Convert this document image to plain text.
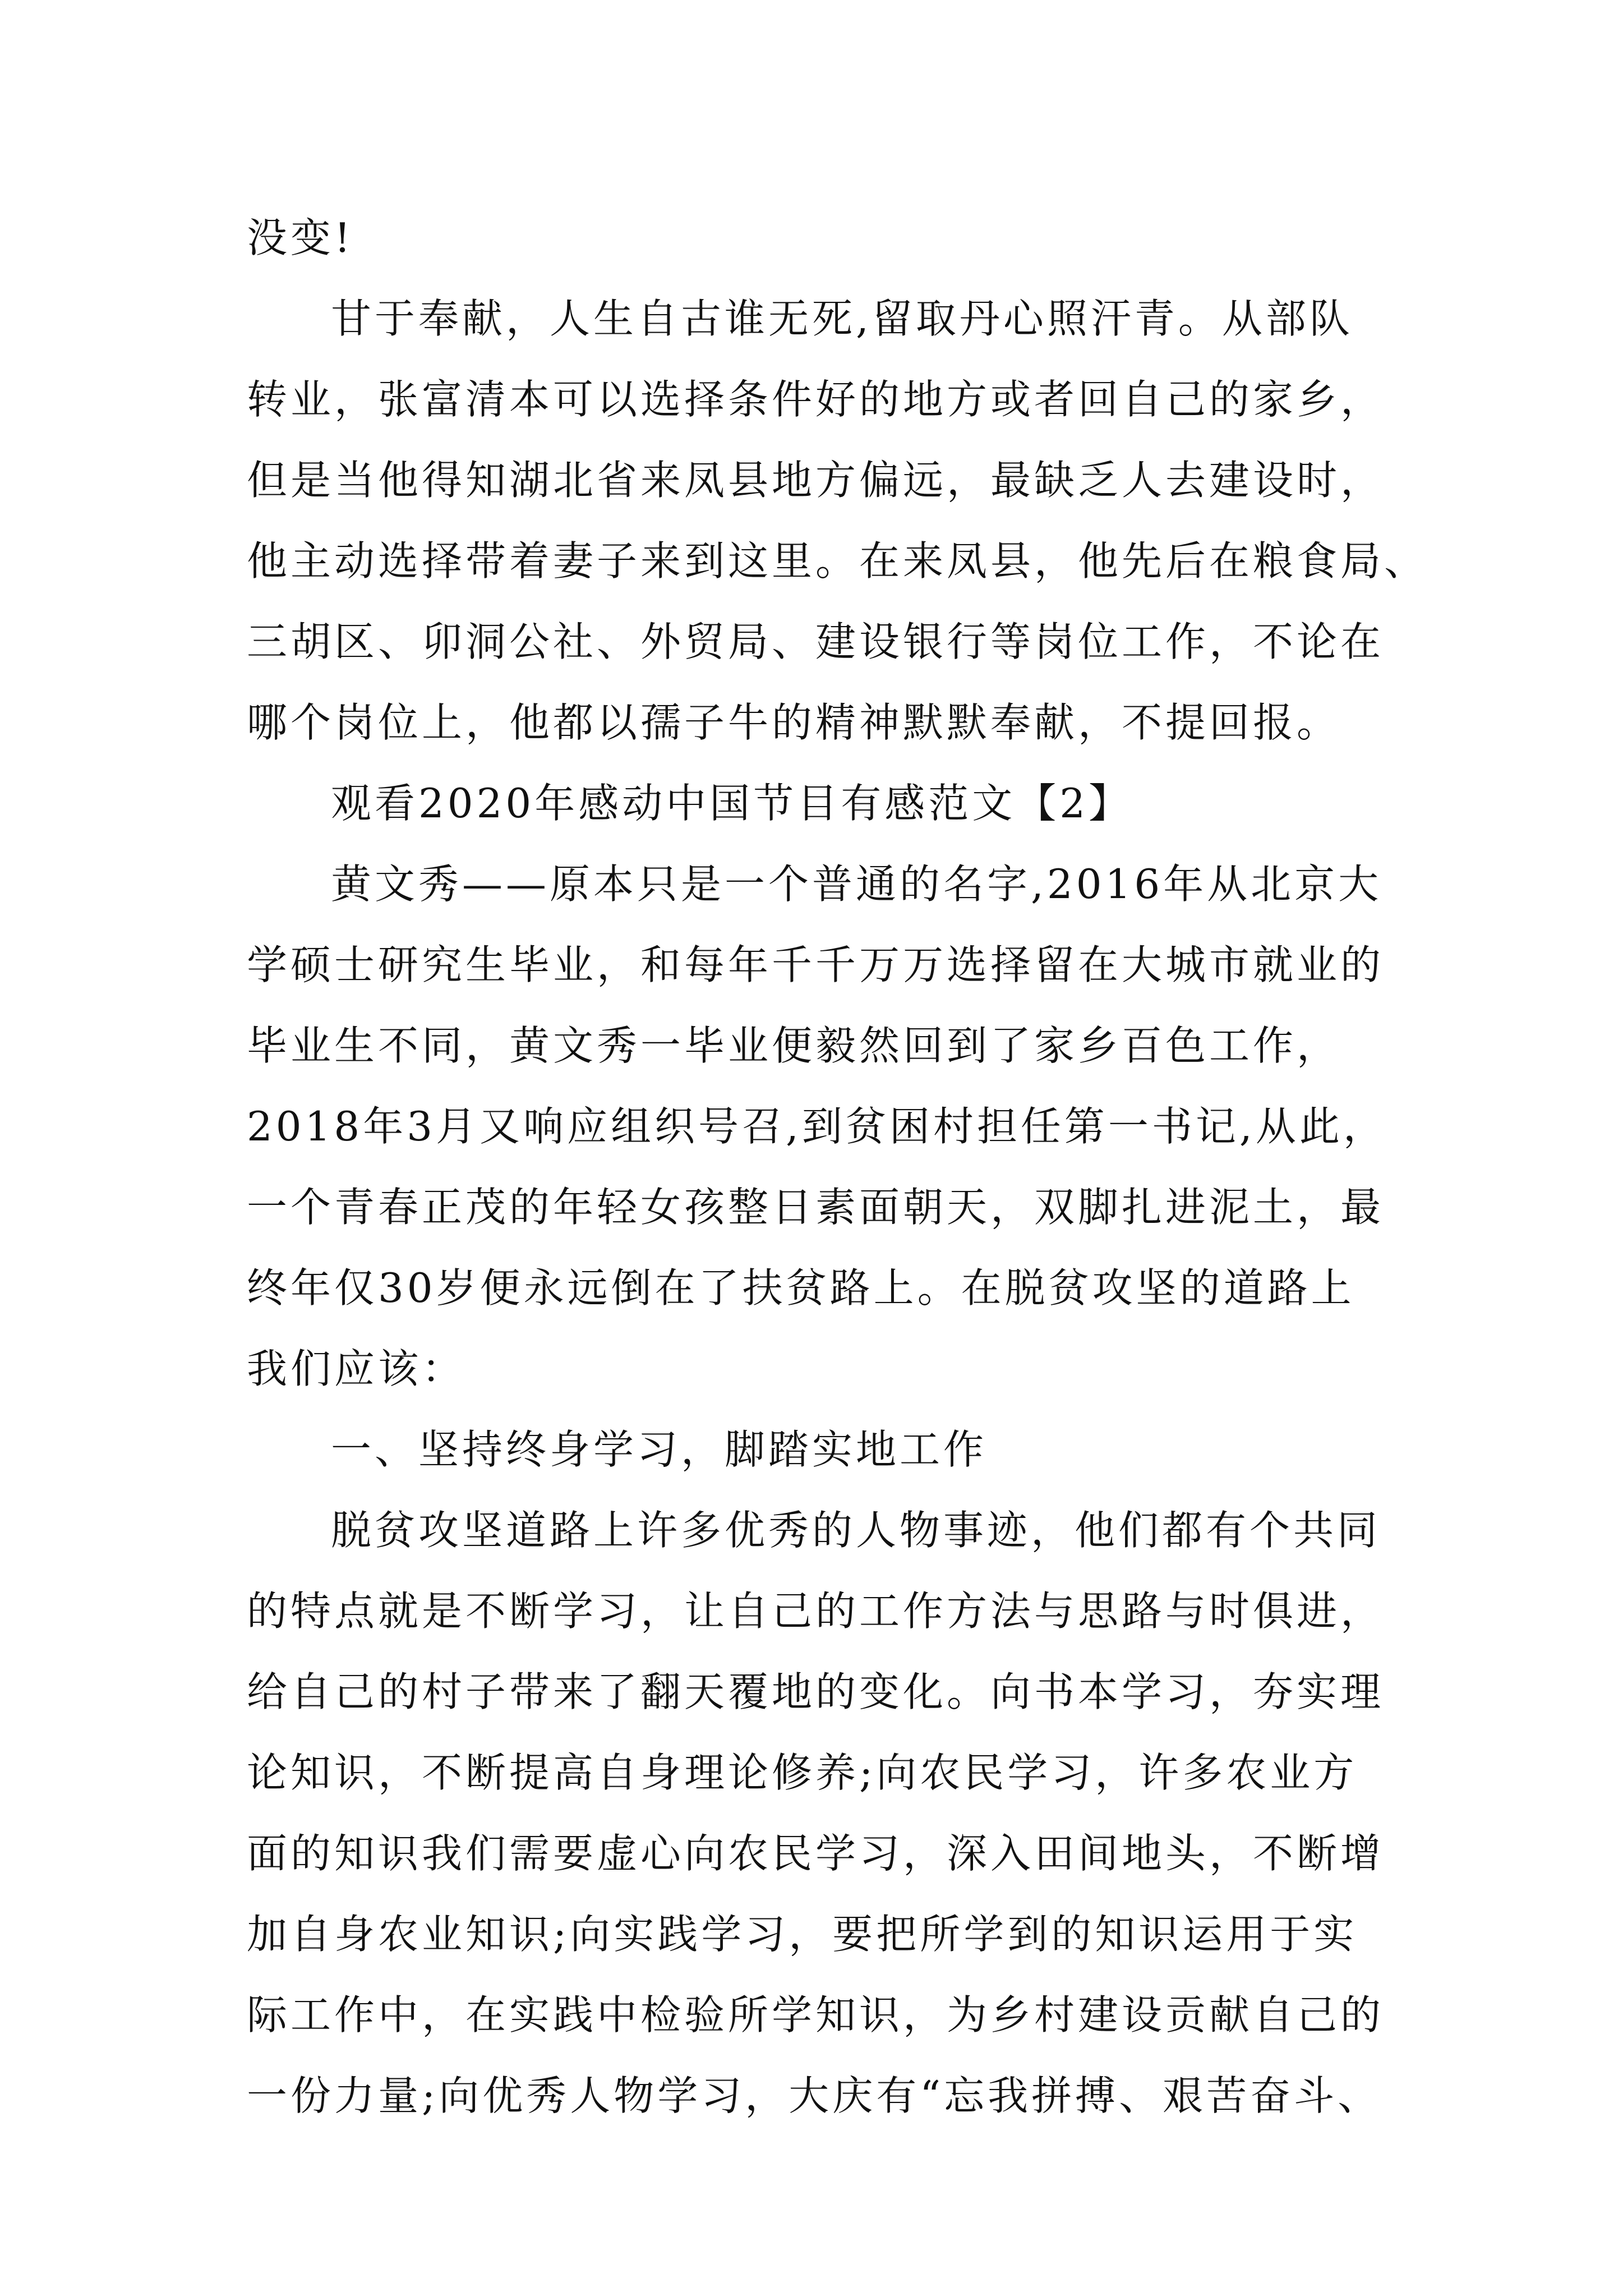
没变!
甘于奉献，人生自古谁无死,留取丹心照汗青。从部队
转业，张富清本可以选择条件好的地方或者回自己的家乡，
但是当他得知湖北省来凤县地方偏远，最缺乏人去建设时，
他主动选择带着妻子来到这里。在来凤县，他先后在粮食局、
三胡区、卯洞公社、外贸局、建设银行等岗位工作，不论在
哪个岗位上，他都以孺子牛的精神默默奉献，不提回报。
观看2020年感动中国节目有感范文【2】
黄文秀——原本只是一个普通的名字,2016年从北京大
学硕士研究生毕业，和每年千千万万选择留在大城市就业的
毕业生不同，黄文秀一毕业便毅然回到了家乡百色工作，
2018年3月又响应组织号召,到贫困村担任第一书记,从此，
一个青春正茂的年轻女孩整日素面朝天，双脚扎进泥土，最
终年仅30岁便永远倒在了扶贫路上。在脱贫攻坚的道路上
我们应该：
一、坚持终身学习，脚踏实地工作
脱贫攻坚道路上许多优秀的人物事迹，他们都有个共同
的特点就是不断学习，让自己的工作方法与思路与时俱进，
给自己的村子带来了翻天覆地的变化。向书本学习，夯实理
论知识，不断提高自身理论修养;向农民学习，许多农业方
面的知识我们需要虚心向农民学习，深入田间地头，不断增
加自身农业知识;向实践学习，要把所学到的知识运用于实
际工作中，在实践中检验所学知识，为乡村建设贡献自己的
一份力量;向优秀人物学习，大庆有“忘我拼搏、艰苦奋斗、
